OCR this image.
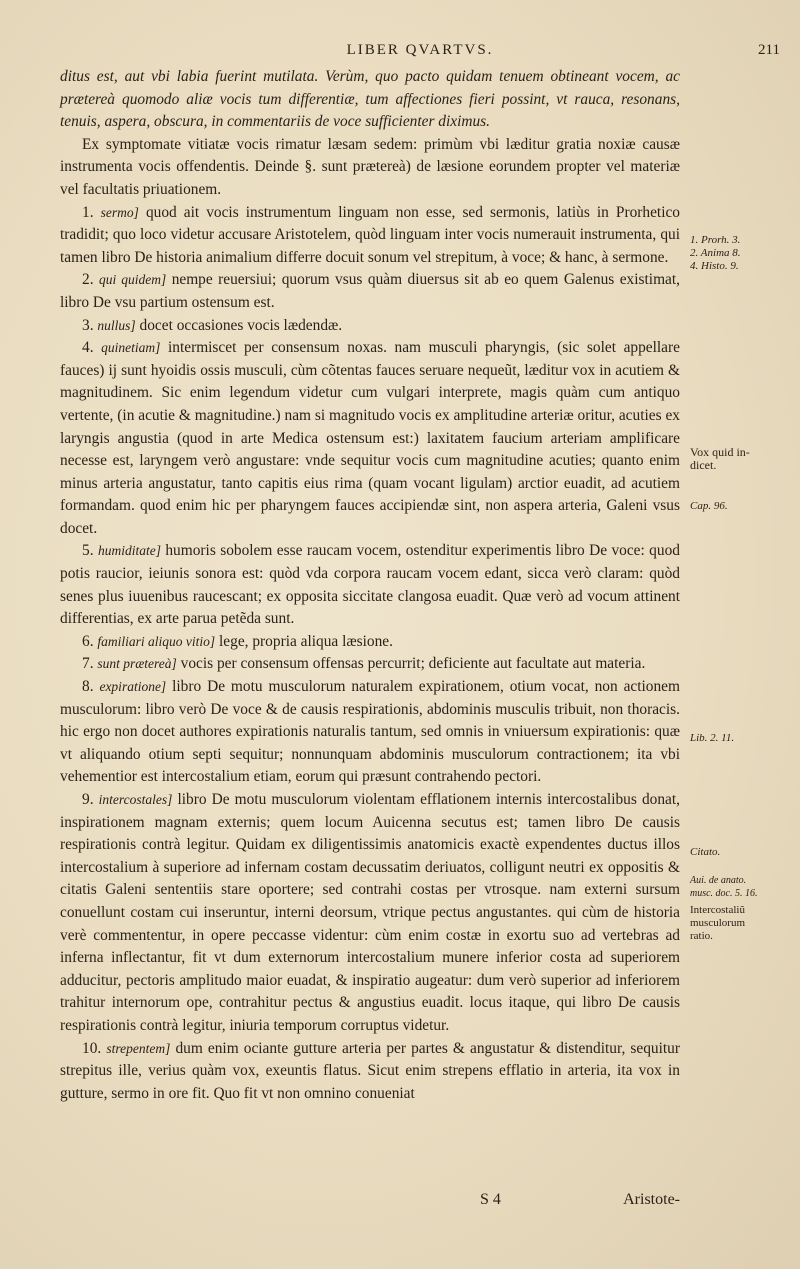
LIBER QVARTVS.	211

ditus est, aut vbi labia fuerint mutilata. Verùm, quo pacto quidam tenuem obtineant vocem, ac prætereà quomodo aliæ vocis tum differentiæ, tum affectiones fieri possint, vt rauca, resonans, tenuis, aspera, obscura, in commentariis de voce sufficienter diximus.

Ex symptomate vitiatæ vocis rimatur læsam sedem: primùm vbi læditur gratia noxiæ causæ instrumenta vocis offendentis. Deinde §. sunt prætereà) de læsione eorundem propter vel materiæ vel facultatis priuationem.

1. sermo] quod ait vocis instrumentum linguam non esse, sed sermonis, latiùs in Prorhetico tradidit; quo loco videtur accusare Aristotelem, quòd linguam inter vocis numerauit instrumenta, qui tamen libro De historia animalium differre docuit sonum vel strepitum, à voce; & hanc, à sermone.

2. qui quidem] nempe reuersiui; quorum vsus quàm diuersus sit ab eo quem Galenus existimat, libro De vsu partium ostensum est.

3. nullus] docet occasiones vocis lædendæ.

4. quinetiam] intermiscet per consensum noxas. nam musculi pharyngis, (sic solet appellare fauces) ij sunt hyoidis ossis musculi, cùm cõtentas fauces seruare nequeũt, læditur vox in acutiem & magnitudinem. Sic enim legendum videtur cum vulgari interprete, magis quàm cum antiquo vertente, (in acutie & magnitudine.) nam si magnitudo vocis ex amplitudine arteriæ oritur, acuties ex laryngis angustia (quod in arte Medica ostensum est:) laxitatem faucium arteriam amplificare necesse est, laryngem verò angustare: vnde sequitur vocis cum magnitudine acuties; quanto enim minus arteria angustatur, tanto capitis eius rima (quam vocant ligulam) arctior euadit, ad acutiem formandam. quod enim hic per pharyngem fauces accipiendæ sint, non asperа arteria, Galeni vsus docet.

5. humiditate] humoris sobolem esse raucam vocem, ostenditur experimentis libro De voce: quod potis raucior, ieiunis sonora est: quòd vda corpora raucam vocem edant, sicca verò claram: quòd senes plus iuuenibus raucescant; ex opposita siccitate clangosa euadit. Quæ verò ad vocum attinent differentias, ex arte parua petẽda sunt.

6. familiari aliquo vitio] lege, propria aliqua læsione.

7. sunt prætereà] vocis per consensum offensas percurrit; deficiente aut facultate aut materia.

8. expiratione] libro De motu musculorum naturalem expirationem, otium vocat, non actionem musculorum: libro verò De voce & de causis respirationis, abdominis musculis tribuit, non thoracis. hic ergo non docet authores expirationis naturalis tantum, sed omnis in vniuersum expirationis: quæ vt aliquando otium septi sequitur; nonnunquam abdominis musculorum contractionem; ita vbi vehementior est intercostalium etiam, eorum qui præsunt contrahendo pectori.

9. intercostales] libro De motu musculorum violentam efflationem internis intercostalibus donat, inspirationem magnam externis; quem locum Auicenna secutus est; tamen libro De causis respirationis contrà legitur. Quidam ex diligentissimis anatomicis exactè expendentes ductus illos intercostalium à superiore ad infernam costam decussatim deriuatos, colligunt neutri ex oppositis & citatis Galeni sententiis stare oportere; sed contrahi costas per vtrosque. nam externi sursum conuellunt costam cui inseruntur, interni deorsum, vtrique pectus angustantes. qui cùm de historia verè commententur, in opere peccasse videntur: cùm enim costæ in exortu suo ad vertebras ad inferna inflectantur, fit vt dum externorum intercostalium munere inferior costa ad superiorem adducitur, pectoris amplitudo maior euadat, & inspiratio augeatur: dum verò superior ad inferiorem trahitur internorum ope, contrahitur pectus & angustius euadit. locus itaque, qui libro De causis respirationis contrà legitur, iniuria temporum corruptus videtur.

10. strepentem] dum enim ociante gutture arteria per partes & angustatur & distenditur, sequitur strepitus ille, verius quàm vox, exeuntis flatus. Sicut enim strepens efflatio in arteria, ita vox in gutture, sermo in ore fit. Quo fit vt non omnino conueniat

1. Prorh. 3.
2. Anima 8.
4. Histo. 9.
Vox quid in-
dicet.
Cap. 96.
Lib. 2. 11.
Citato.
Aui. de anato.
musc. doc. 5. 16.
Intercostaliũ
musculorum
ratio.
S 4	Aristote-
